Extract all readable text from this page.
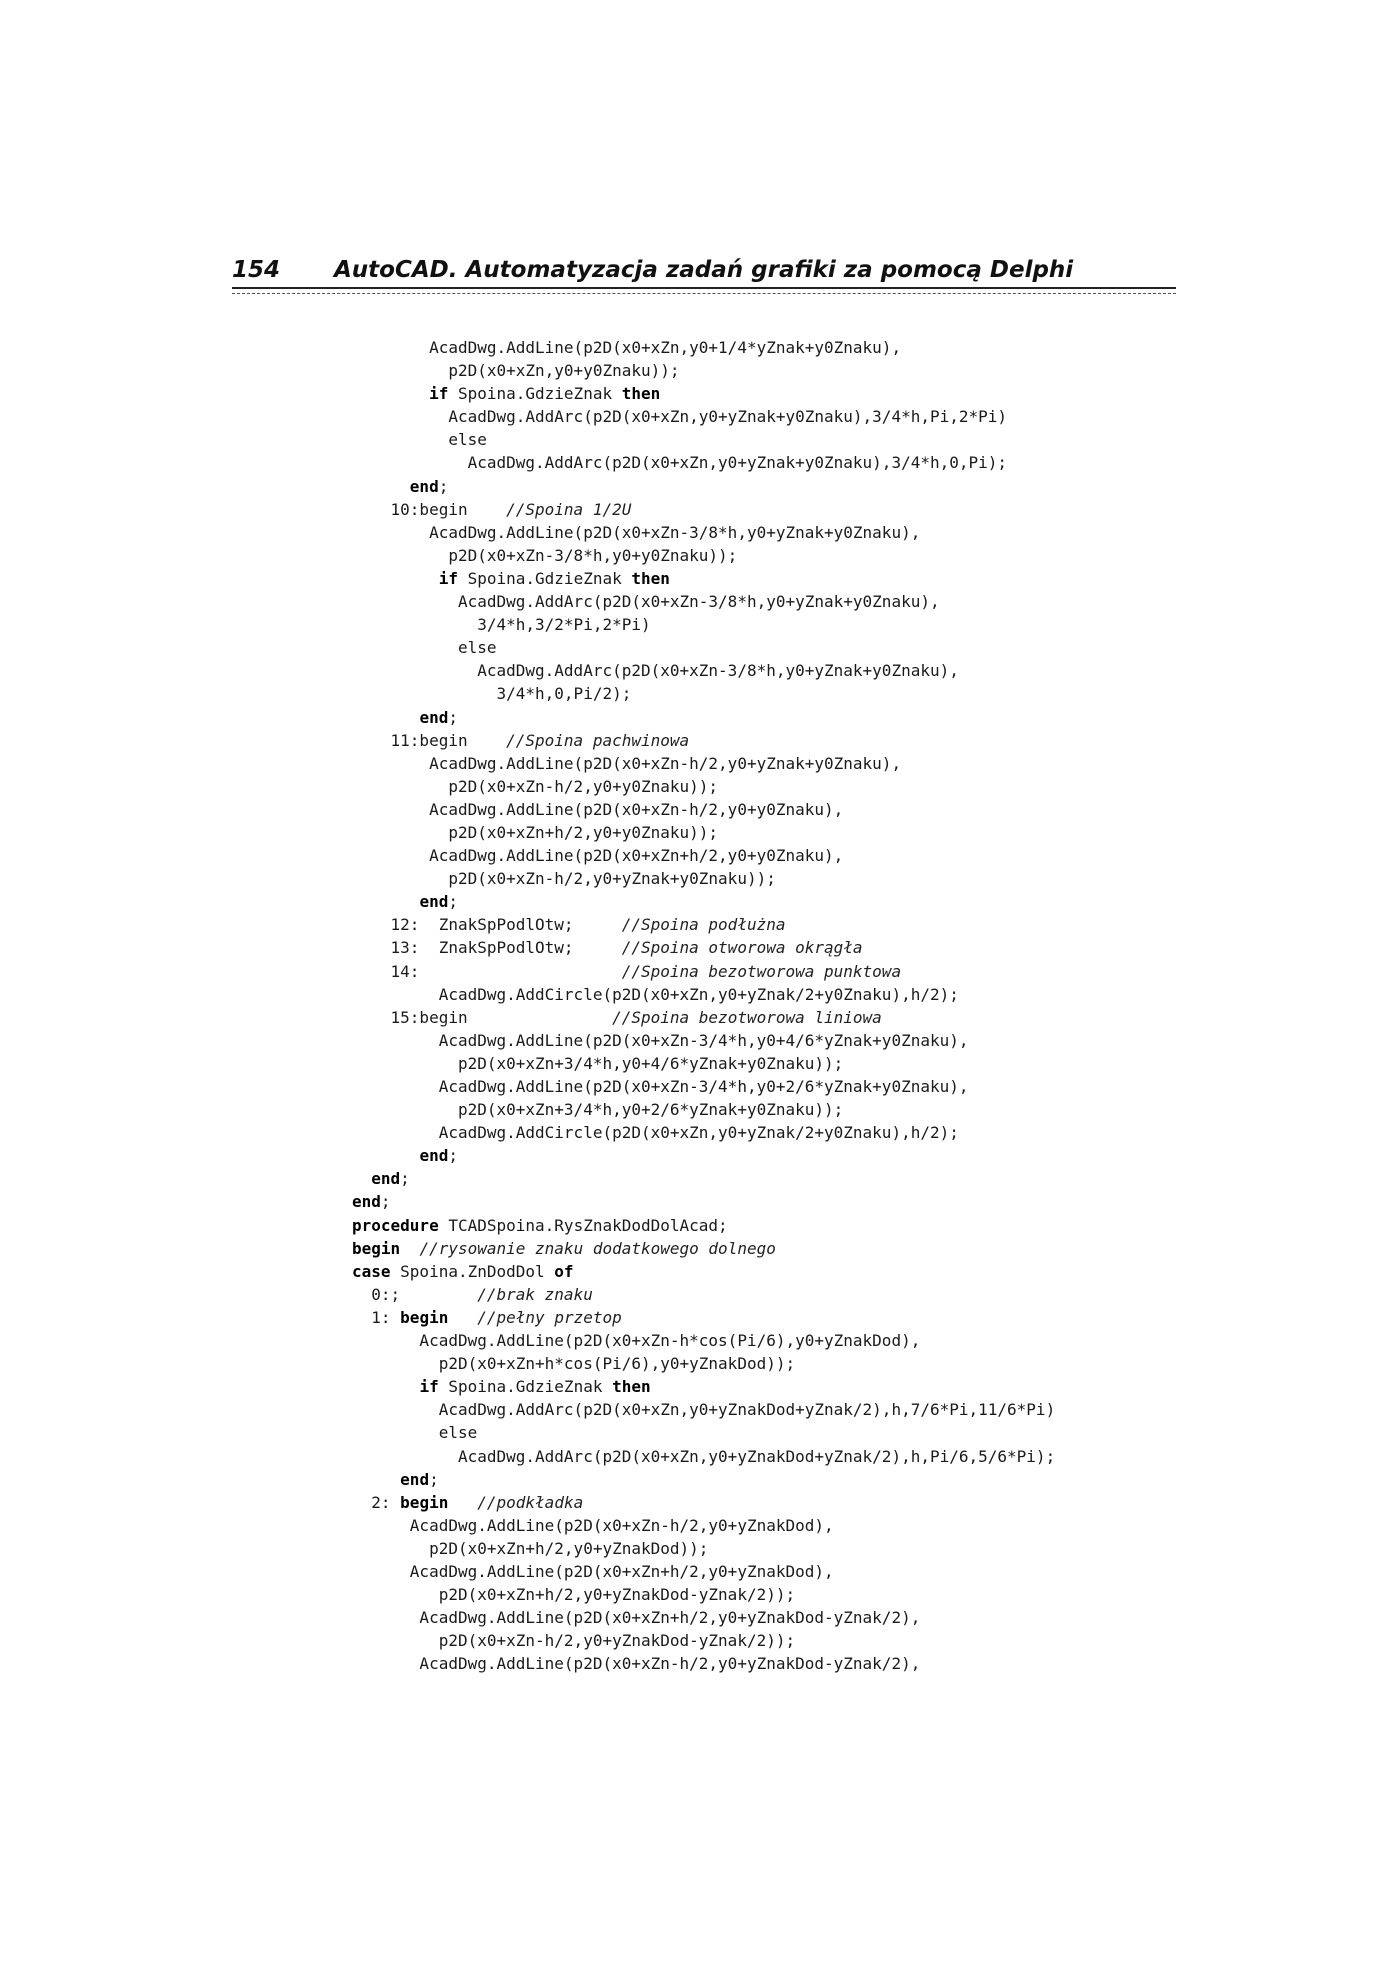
154 AutoCAD. Automatyzacja zadań grafiki za pomocą Delphi
AcadDwg.AddLine(p2D(x0+xZn,y0+1/4*yZnak+y0Znaku),
p2D(x0+xZn,y0+y0Znaku));
if Spoina.GdzieZnak then
AcadDwg.AddArc(p2D(x0+xZn,y0+yZnak+y0Znaku),3/4*h,Pi,2*Pi)
else
AcadDwg.AddArc(p2D(x0+xZn,y0+yZnak+y0Znaku),3/4*h,0,Pi);
end;
10:begin    //Spoina 1/2U
AcadDwg.AddLine(p2D(x0+xZn-3/8*h,y0+yZnak+y0Znaku),
p2D(x0+xZn-3/8*h,y0+y0Znaku));
if Spoina.GdzieZnak then
AcadDwg.AddArc(p2D(x0+xZn-3/8*h,y0+yZnak+y0Znaku),
3/4*h,3/2*Pi,2*Pi)
else
AcadDwg.AddArc(p2D(x0+xZn-3/8*h,y0+yZnak+y0Znaku),
3/4*h,0,Pi/2);
end;
11:begin    //Spoina pachwinowa
AcadDwg.AddLine(p2D(x0+xZn-h/2,y0+yZnak+y0Znaku),
p2D(x0+xZn-h/2,y0+y0Znaku));
AcadDwg.AddLine(p2D(x0+xZn-h/2,y0+y0Znaku),
p2D(x0+xZn+h/2,y0+y0Znaku));
AcadDwg.AddLine(p2D(x0+xZn+h/2,y0+y0Znaku),
p2D(x0+xZn-h/2,y0+yZnak+y0Znaku));
end;
12:  ZnakSpPodlOtw;     //Spoina podłużna
13:  ZnakSpPodlOtw;     //Spoina otworowa okrągła
14:                     //Spoina bezotworowa punktowa
AcadDwg.AddCircle(p2D(x0+xZn,y0+yZnak/2+y0Znaku),h/2);
15:begin               //Spoina bezotworowa liniowa
AcadDwg.AddLine(p2D(x0+xZn-3/4*h,y0+4/6*yZnak+y0Znaku),
p2D(x0+xZn+3/4*h,y0+4/6*yZnak+y0Znaku));
AcadDwg.AddLine(p2D(x0+xZn-3/4*h,y0+2/6*yZnak+y0Znaku),
p2D(x0+xZn+3/4*h,y0+2/6*yZnak+y0Znaku));
AcadDwg.AddCircle(p2D(x0+xZn,y0+yZnak/2+y0Znaku),h/2);
end;
end;
end;
procedure TCADSpoina.RysZnakDodDolAcad;
begin //rysowanie znaku dodatkowego dolnego
case Spoina.ZnDodDol of
0:;        //brak znaku
1: begin //pełny przetop
AcadDwg.AddLine(p2D(x0+xZn-h*cos(Pi/6),y0+yZnakDod),
p2D(x0+xZn+h*cos(Pi/6),y0+yZnakDod));
if Spoina.GdzieZnak then
AcadDwg.AddArc(p2D(x0+xZn,y0+yZnakDod+yZnak/2),h,7/6*Pi,11/6*Pi)
else
AcadDwg.AddArc(p2D(x0+xZn,y0+yZnakDod+yZnak/2),h,Pi/6,5/6*Pi);
end;
2: begin //podkładka
AcadDwg.AddLine(p2D(x0+xZn-h/2,y0+yZnakDod),
p2D(x0+xZn+h/2,y0+yZnakDod));
AcadDwg.AddLine(p2D(x0+xZn+h/2,y0+yZnakDod),
p2D(x0+xZn+h/2,y0+yZnakDod-yZnak/2));
AcadDwg.AddLine(p2D(x0+xZn+h/2,y0+yZnakDod-yZnak/2),
p2D(x0+xZn-h/2,y0+yZnakDod-yZnak/2));
AcadDwg.AddLine(p2D(x0+xZn-h/2,y0+yZnakDod-yZnak/2),
